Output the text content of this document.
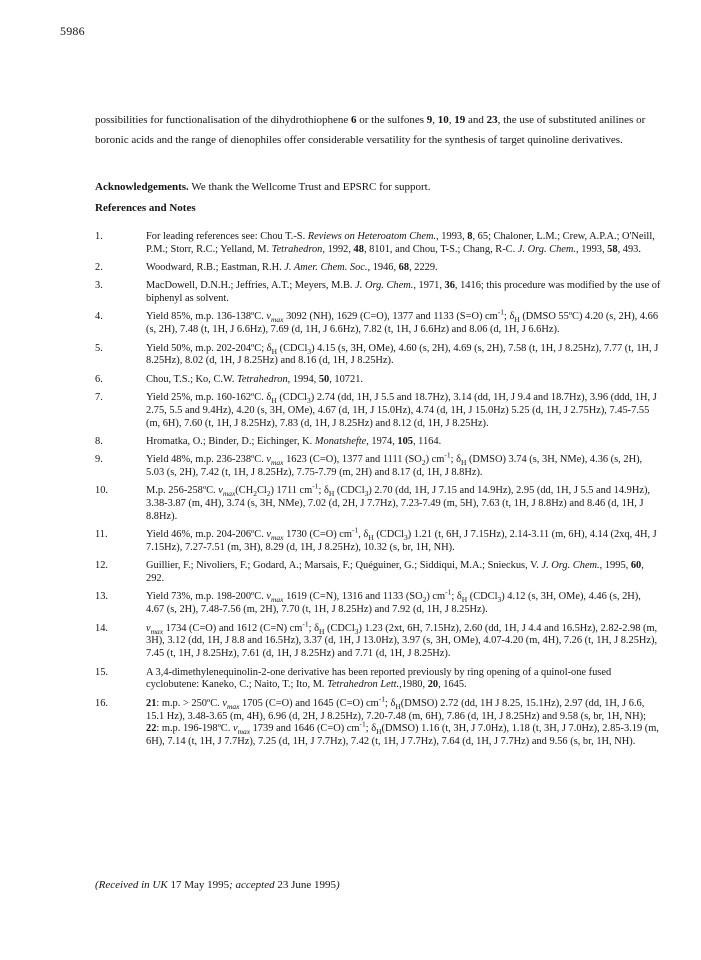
5986

possibilities for functionalisation of the dihydrothiophene 6 or the sulfones 9, 10, 19 and 23, the use of substituted anilines or boronic acids and the range of dienophiles offer considerable versatility for the synthesis of target quinoline derivatives.

Acknowledgements. We thank the Wellcome Trust and EPSRC for support.

References and Notes

1.	For leading references see: Chou T.-S. Reviews on Heteroatom Chem., 1993, 8, 65; Chaloner, L.M.; Crew, A.P.A.; O'Neill, P.M.; Storr, R.C.; Yelland, M. Tetrahedron, 1992, 48, 8101, and Chou, T-S.; Chang, R-C. J. Org. Chem., 1993, 58, 493.
2.	Woodward, R.B.; Eastman, R.H. J. Amer. Chem. Soc., 1946, 68, 2229.
3.	MacDowell, D.N.H.; Jeffries, A.T.; Meyers, M.B. J. Org. Chem., 1971, 36, 1416; this procedure was modified by the use of biphenyl as solvent.
4.	Yield 85%, m.p. 136-138ºC. $\nu_{max}$ 3092 (NH), 1629 (C=O), 1377 and 1133 (S=O) $cm^{-1}$; $\delta_H$ (DMSO 55ºC) 4.20 (s, 2H), 4.66 (s, 2H), 7.48 (t, 1H, J 6.6Hz), 7.69 (d, 1H, J 6.6Hz), 7.82 (t, 1H, J 6.6Hz) and 8.06 (d, 1H, J 6.6Hz).
5.	Yield 50%, m.p. 202-204ºC; $\delta_H$ (CDCl$_3$) 4.15 (s, 3H, OMe), 4.60 (s, 2H), 4.69 (s, 2H), 7.58 (t, 1H, J 8.25Hz), 7.77 (t, 1H, J 8.25Hz), 8.02 (d, 1H, J 8.25Hz) and 8.16 (d, 1H, J 8.25Hz).
6.	Chou, T.S.; Ko, C.W. Tetrahedron, 1994, 50, 10721.
7.	Yield 25%, m.p. 160-162ºC. $\delta_H$ (CDCl$_3$) 2.74 (dd, 1H, J 5.5 and 18.7Hz), 3.14 (dd, 1H, J 9.4 and 18.7Hz), 3.96 (ddd, 1H, J 2.75, 5.5 and 9.4Hz), 4.20 (s, 3H, OMe), 4.67 (d, 1H, J 15.0Hz), 4.74 (d, 1H, J 15.0Hz) 5.25 (d, 1H, J 2.75Hz), 7.45-7.55 (m, 6H), 7.60 (t, 1H, J 8.25Hz), 7.83 (d, 1H, J 8.25Hz) and 8.12 (d, 1H, J 8.25Hz).
8.	Hromatka, O.; Binder, D.; Eichinger, K. Monatshefte, 1974, 105, 1164.
9.	Yield 48%, m.p. 236-238ºC. $\nu_{max}$ 1623 (C=O), 1377 and 1111 $(SO_2)$ $cm^{-1}$; $\delta_H$ (DMSO) 3.74 (s, 3H, NMe), 4.36 (s, 2H), 5.03 (s, 2H), 7.42 (t, 1H, J 8.25Hz), 7.75-7.79 (m, 2H) and 8.17 (d, 1H, J 8.8Hz).
10.	M.p. 256-258ºC. $\nu_{max}(CH_2Cl_2)$ 1711 $cm^{-1}$; $\delta_H$ (CDCl$_3$) 2.70 (dd, 1H, J 7.15 and 14.9Hz), 2.95 (dd, 1H, J 5.5 and 14.9Hz), 3.38-3.87 (m, 4H), 3.74 (s, 3H, NMe), 7.02 (d, 2H, J 7.7Hz), 7.23-7.49 (m, 5H), 7.63 (t, 1H, J 8.8Hz) and 8.46 (d, 1H, J 8.8Hz).
11.	Yield 46%, m.p. 204-206ºC. $\nu_{max}$ 1730 (C=O) $cm^{-1}$, $\delta_H$ (CDCl$_3$) 1.21 (t, 6H, J 7.15Hz), 2.14-3.11 (m, 6H), 4.14 (2xq, 4H, J 7.15Hz), 7.27-7.51 (m, 3H), 8.29 (d, 1H, J 8.25Hz), 10.32 (s, br, 1H, NH).
12.	Guillier, F.; Nivoliers, F.; Godard, A.; Marsais, F.; Quéguiner, G.; Siddiqui, M.A.; Snieckus, V. J. Org. Chem., 1995, 60, 292.
13.	Yield 73%, m.p. 198-200ºC. $\nu_{max}$ 1619 (C=N), 1316 and 1133 $(SO_2)$ $cm^{-1}$; $\delta_H$ (CDCl$_3$) 4.12 (s, 3H, OMe), 4.46 (s, 2H), 4.67 (s, 2H), 7.48-7.56 (m, 2H), 7.70 (t, 1H, J 8.25Hz) and 7.92 (d, 1H, J 8.25Hz).
14.	$\nu_{max}$ 1734 (C=O) and 1612 (C=N) $cm^{-1}$; $\delta_H$ (CDCl$_3$) 1.23 (2xt, 6H, 7.15Hz), 2.60 (dd, 1H, J 4.4 and 16.5Hz), 2.82-2.98 (m, 3H), 3.12 (dd, 1H, J 8.8 and 16.5Hz), 3.37 (d, 1H, J 13.0Hz), 3.97 (s, 3H, OMe), 4.07-4.20 (m, 4H), 7.26 (t, 1H, J 8.25Hz), 7.45 (t, 1H, J 8.25Hz), 7.61 (d, 1H, J 8.25Hz) and 7.71 (d, 1H, J 8.25Hz).
15.	A 3,4-dimethylenequinolin-2-one derivative has been reported previously by ring opening of a quinol-one fused cyclobutene: Kaneko, C.; Naito, T.; Ito, M. Tetrahedron Lett.,1980, 20, 1645.
16.	21: m.p. > 250ºC. $\nu_{max}$ 1705 (C=O) and 1645 (C=O) $cm^{-1}$; $\delta_H(DMSO)$ 2.72 (dd, 1H J 8.25, 15.1Hz), 2.97 (dd, 1H, J 6.6, 15.1 Hz), 3.48-3.65 (m, 4H), 6.96 (d, 2H, J 8.25Hz), 7.20-7.48 (m, 6H), 7.86 (d, 1H, J 8.25Hz) and 9.58 (s, br, 1H, NH); 22: m.p. 196-198ºC. $\nu_{max}$ 1739 and 1646 (C=O) $cm^{-1}$; $\delta_H(DMSO)$ 1.16 (t, 3H, J 7.0Hz), 1.18 (t, 3H, J 7.0Hz), 2.85-3.19 (m, 6H), 7.14 (t, 1H, J 7.7Hz), 7.25 (d, 1H, J 7.7Hz), 7.42 (t, 1H, J 7.7Hz), 7.64 (d, 1H, J 7.7Hz) and 9.56 (s, br, 1H, NH).

(Received in UK 17 May 1995; accepted 23 June 1995)
